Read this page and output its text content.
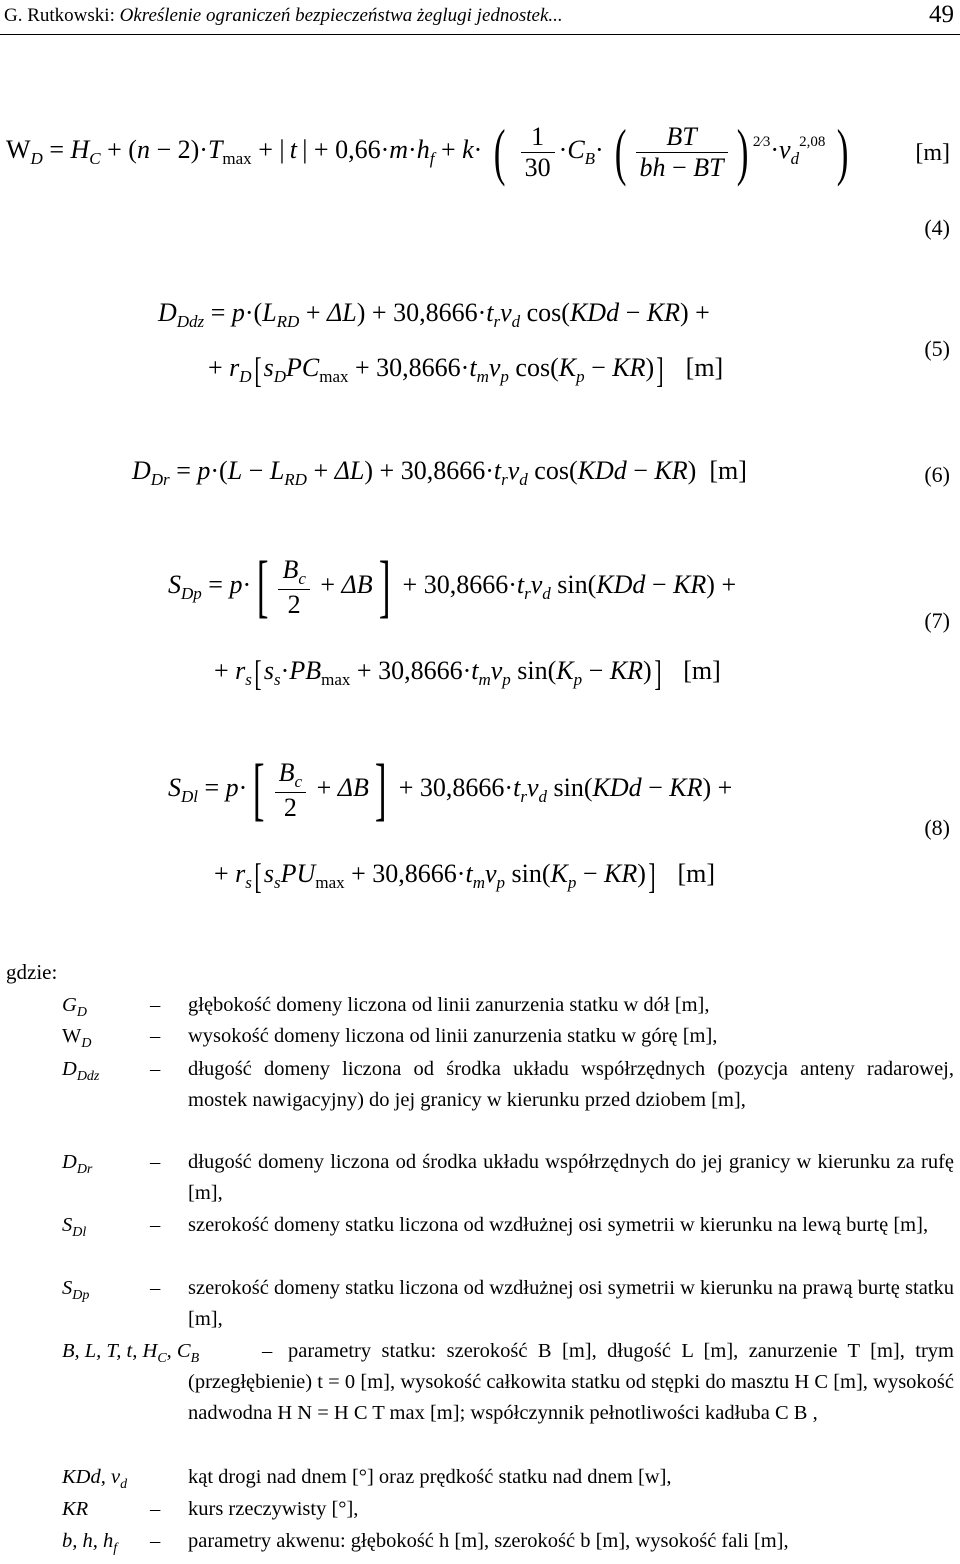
G. Rutkowski: Określenie ograniczeń bezpieczeństwa żeglugi jednostek...	49
$W_D = H_C + (n - 2)\cdot T_{max}$ + | t | + $0,66\cdot m\cdot h_f + k\cdot$ ( $\frac{1}{30} \cdot C_B\cdot$ ( $\frac{BT}{bh - BT}$ ) $^{2⁄3}\cdot v_d^{2,08}$ )	[m]
(4)
$D_{Ddz} = p\cdot(L_{RD} + \Delta L) + 30,8666\cdot t_rv_d$ cos(KDd − KR) +
+ $r_D[s_DPC_{max} + 30,8666\cdot t_mv_p$ $\cos(K_p - KR)$] [m]
(5)
$D_{Dr} = p\cdot(L - L_{RD} + \Delta L) + 30,8666\cdot t_rv_d$ cos(KDd − KR)  [m]	(6)
$S_{Dp} = p\cdot[ \frac{B_c}{2} + \Delta B] + 30,8666\cdot t_rv_d$ sin(KDd − KR) +
+ $r_s[s_s\cdot PB_{max} + 30,8666\cdot t_mv_p$ $\sin(K_p - KR)$] [m]
(7)
$S_{Dl} = p\cdot[ \frac{B_c}{2} + \Delta B] + 30,8666\cdot t_rv_d$ sin(KDd − KR) +
+ $r_s[s_sPU_{max} + 30,8666\cdot t_mv_p$ $\sin(K_p - KR)$] [m]
(8)
gdzie:
$G_D$	– głębokość domeny liczona od linii zanurzenia statku w dół [m],
$W_D$	– wysokość domeny liczona od linii zanurzenia statku w górę [m],
$D_{Ddz}$	– długość domeny liczona od środka układu współrzędnych (pozycja anteny radarowej, mostek nawigacyjny) do jej granicy w kierunku przed dziobem [m],
$D_{Dr}$	– długość domeny liczona od środka układu współrzędnych do jej granicy w kierunku za rufę [m],
$S_{Dl}$	– szerokość domeny statku liczona od wzdłużnej osi symetrii w kierunku na lewą burtę [m],
$S_{Dp}$	– szerokość domeny statku liczona od wzdłużnej osi symetrii w kierunku na prawą burtę statku [m],
B, L, T, t, $H_C$, $C_B$	– parametry statku: szerokość B [m], długość L [m], zanurzenie T [m], trym (przegłębienie) t = 0 [m], wysokość całkowita statku od stępki do masztu H C [m], wysokość nadwodna H N = H C T max [m]; współczynnik pełnotliwości kadłuba C B ,
KDd, $v_d$	kąt drogi nad dnem [°] oraz prędkość statku nad dnem [w],
KR	– kurs rzeczywisty [°],
b, h, $h_f$	– parametry akwenu: głębokość h [m], szerokość b [m], wysokość fali [m],
